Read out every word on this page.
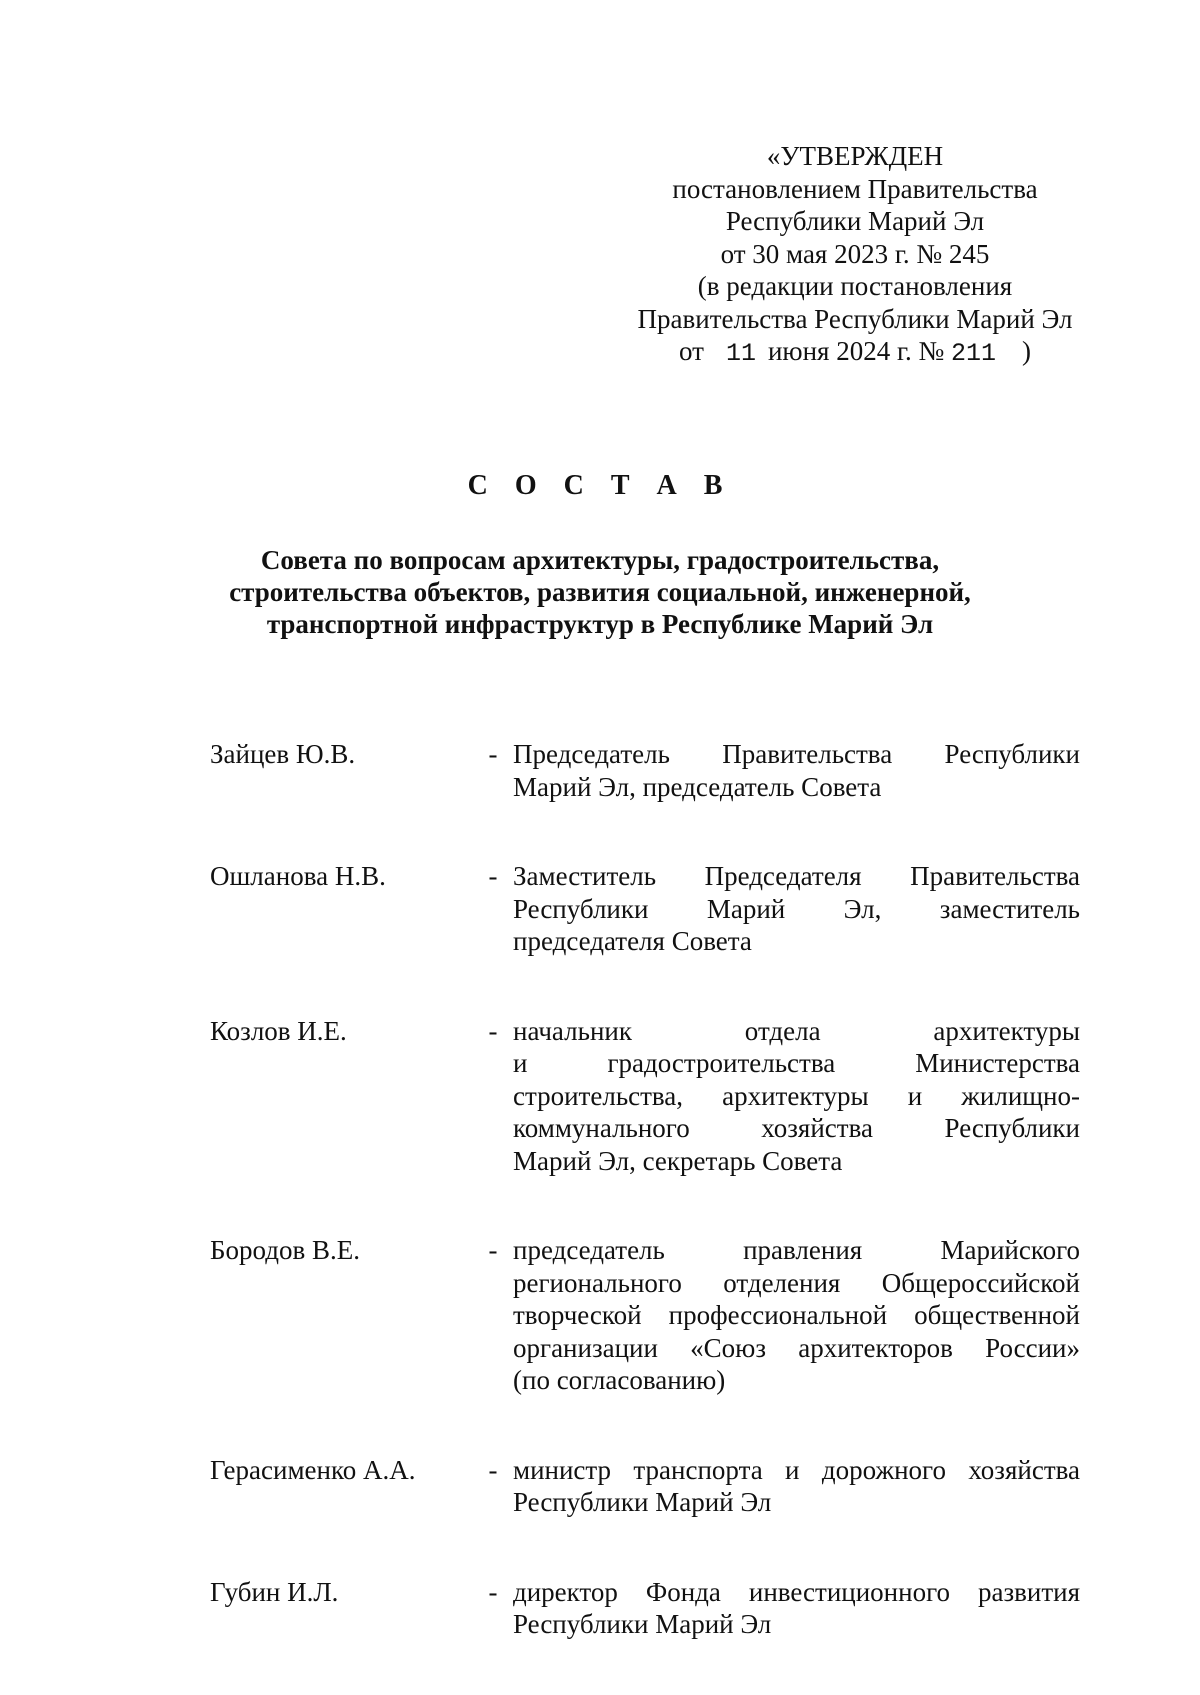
«УТВЕРЖДЕН
постановлением Правительства
Республики Марий Эл
от 30 мая 2023 г. № 245
(в редакции постановления
Правительства Республики Марий Эл
от 11 июня 2024 г. № 211 )
С О С Т А В
Совета по вопросам архитектуры, градостроительства,
строительства объектов, развития социальной, инженерной,
транспортной инфраструктур в Республике Марий Эл
Зайцев Ю.В.	- Председатель Правительства Республики
Марий Эл, председатель Совета
Ошланова Н.В.	- Заместитель Председателя Правительства
Республики Марий Эл, заместитель
председателя Совета
Козлов И.Е.	- начальник отдела архитектуры
и градостроительства Министерства
строительства, архитектуры и жилищно-
коммунального хозяйства Республики
Марий Эл, секретарь Совета
Бородов В.Е.	- председатель правления Марийского
регионального отделения Общероссийской
творческой профессиональной общественной
организации «Союз архитекторов России»
(по согласованию)
Герасименко А.А.	- министр транспорта и дорожного хозяйства
Республики Марий Эл
Губин И.Л.	- директор Фонда инвестиционного развития
Республики Марий Эл
